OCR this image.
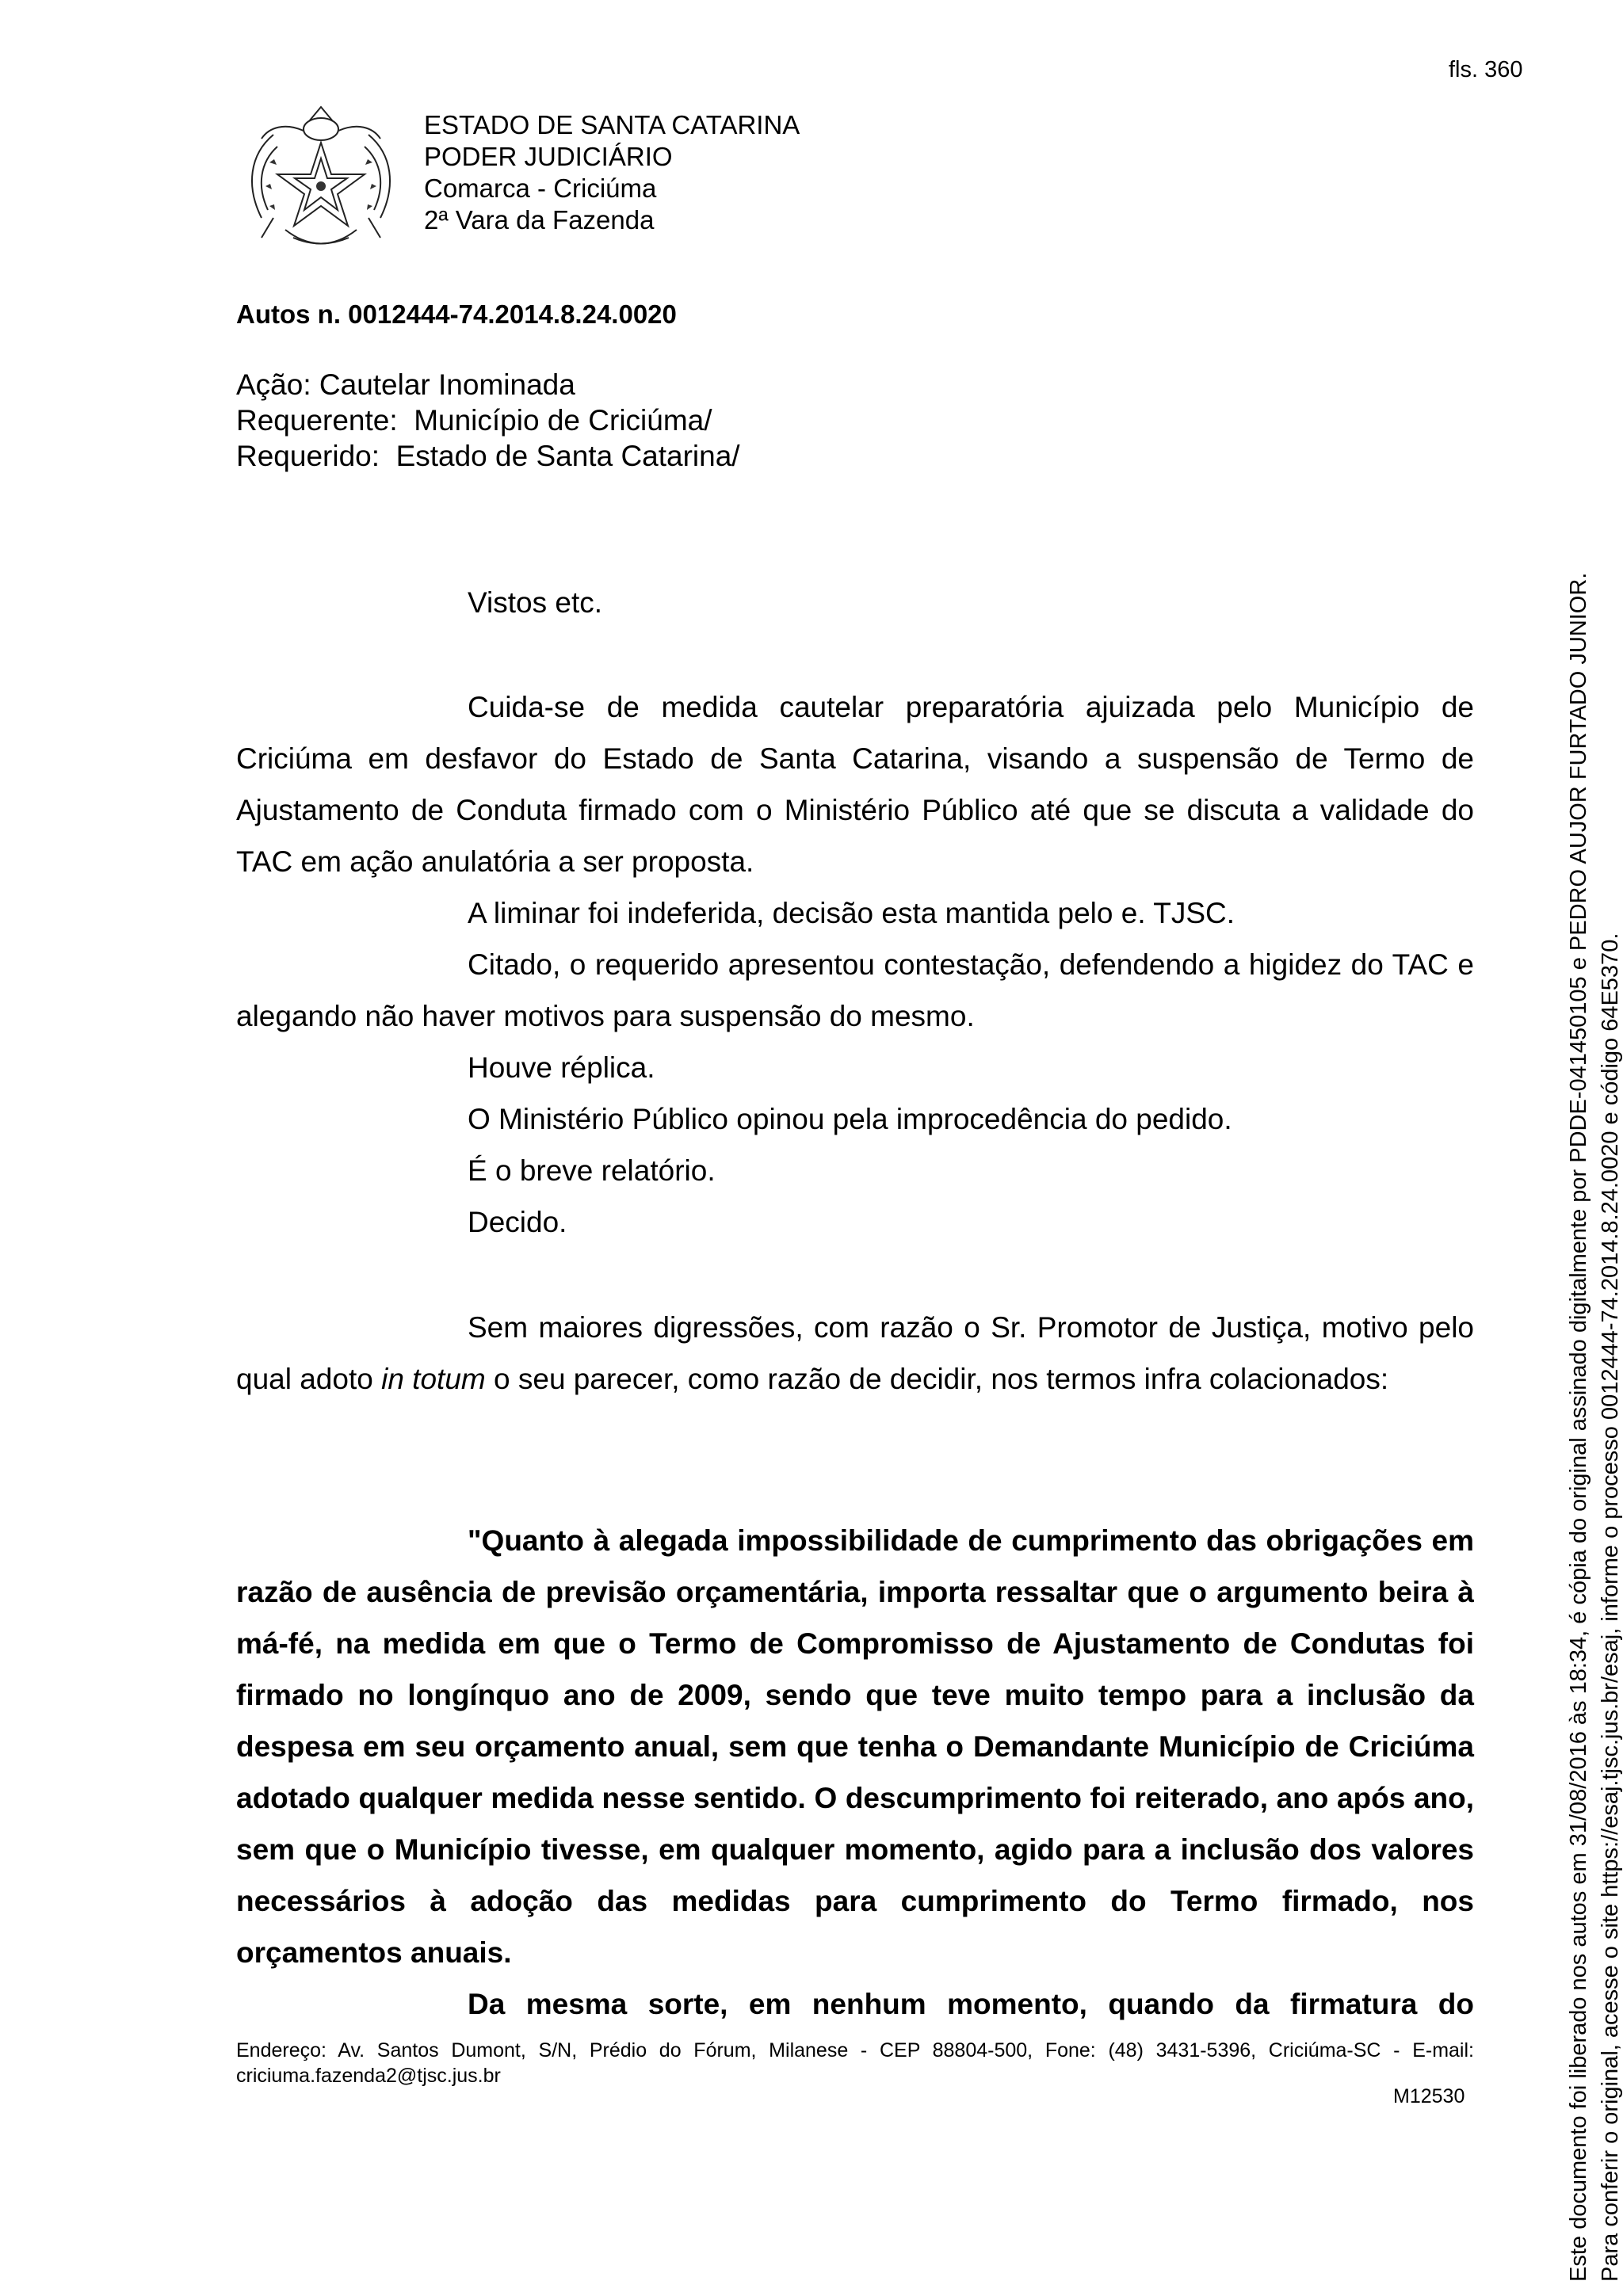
fls. 360
ESTADO DE SANTA CATARINA
PODER JUDICIÁRIO
Comarca - Criciúma
2ª Vara da Fazenda
Autos n. 0012444-74.2014.8.24.0020
Ação: Cautelar Inominada
Requerente:  Município de Criciúma/
Requerido:  Estado de Santa Catarina/

Vistos etc.

Cuida-se de medida cautelar preparatória ajuizada pelo Município de Criciúma em desfavor do Estado de Santa Catarina, visando a suspensão de Termo de Ajustamento de Conduta firmado com o Ministério Público até que se discuta a validade do TAC em ação anulatória a ser proposta.

A liminar foi indeferida, decisão esta mantida pelo e. TJSC.

Citado, o requerido apresentou contestação, defendendo a higidez do TAC e alegando não haver motivos para suspensão do mesmo.

Houve réplica.

O Ministério Público opinou pela improcedência do pedido.

É o breve relatório.

Decido.

Sem maiores digressões, com razão o Sr. Promotor de Justiça, motivo pelo qual adoto in totum o seu parecer, como razão de decidir, nos termos infra colacionados:

"Quanto à alegada impossibilidade de cumprimento das obrigações em razão de ausência de previsão orçamentária, importa ressaltar que o argumento beira à má-fé, na medida em que o Termo de Compromisso de Ajustamento de Condutas foi firmado no longínquo ano de 2009, sendo que teve muito tempo para a inclusão da despesa em seu orçamento anual, sem que tenha o Demandante Município de Criciúma adotado qualquer medida nesse sentido. O descumprimento foi reiterado, ano após ano, sem que o Município tivesse, em qualquer momento, agido para a inclusão dos valores necessários à adoção das medidas para cumprimento do Termo firmado, nos orçamentos anuais.

Da mesma sorte, em nenhum momento, quando da firmatura do

Endereço: Av. Santos Dumont, S/N, Prédio do Fórum, Milanese - CEP 88804-500, Fone: (48) 3431-5396, Criciúma-SC - E-mail: criciuma.fazenda2@tjsc.jus.br
M12530	Este documento foi liberado nos autos em 31/08/2016 às 18:34, é cópia do original assinado digitalmente por PDDE-041450105 e PEDRO AUJOR FURTADO JUNIOR. Para conferir o original, acesse o site https://esaj.tjsc.jus.br/esaj, informe o processo 0012444-74.2014.8.24.0020 e código 64E5370.
